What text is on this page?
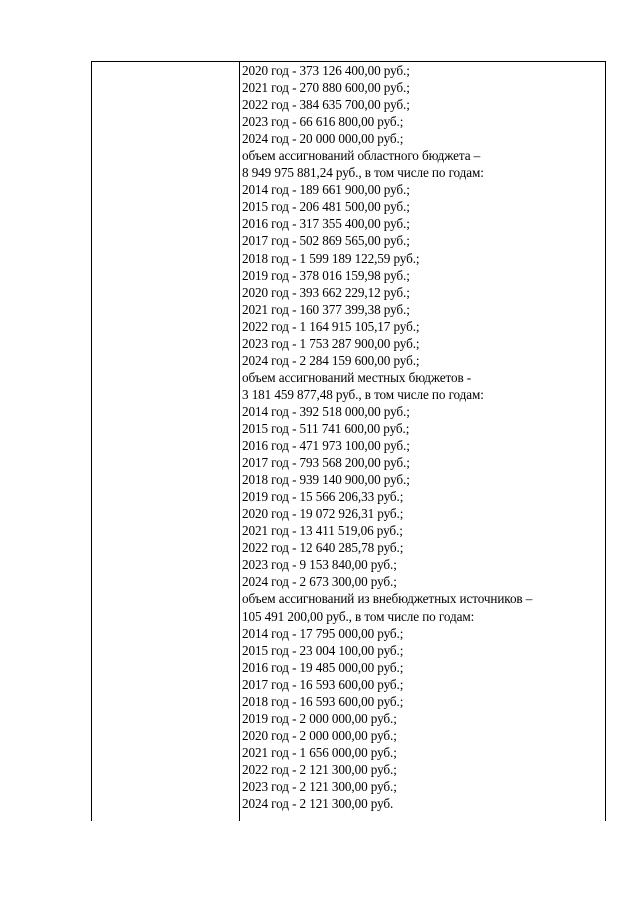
2020 год - 373 126 400,00 руб.;
2021 год - 270 880 600,00 руб.;
2022 год - 384 635 700,00 руб.;
2023 год - 66 616 800,00 руб.;
2024 год - 20 000 000,00 руб.;
объем ассигнований областного бюджета –
8 949 975 881,24 руб., в том числе по годам:
2014 год - 189 661 900,00 руб.;
2015 год - 206 481 500,00 руб.;
2016 год - 317 355 400,00 руб.;
2017 год - 502 869 565,00 руб.;
2018 год - 1 599 189 122,59 руб.;
2019 год - 378 016 159,98 руб.;
2020 год - 393 662 229,12 руб.;
2021 год - 160 377 399,38 руб.;
2022 год - 1 164 915 105,17 руб.;
2023 год - 1 753 287 900,00 руб.;
2024 год - 2 284 159 600,00 руб.;
объем ассигнований местных бюджетов -
3 181 459 877,48 руб., в том числе по годам:
2014 год - 392 518 000,00 руб.;
2015 год - 511 741 600,00 руб.;
2016 год - 471 973 100,00 руб.;
2017 год - 793 568 200,00 руб.;
2018 год - 939 140 900,00 руб.;
2019 год - 15 566 206,33 руб.;
2020 год - 19 072 926,31 руб.;
2021 год - 13 411 519,06 руб.;
2022 год - 12 640 285,78 руб.;
2023 год - 9 153 840,00 руб.;
2024 год - 2 673 300,00 руб.;
объем ассигнований из внебюджетных источников –
105 491 200,00 руб., в том числе по годам:
2014 год - 17 795 000,00 руб.;
2015 год - 23 004 100,00 руб.;
2016 год - 19 485 000,00 руб.;
2017 год - 16 593 600,00 руб.;
2018 год - 16 593 600,00 руб.;
2019 год - 2 000 000,00 руб.;
2020 год - 2 000 000,00 руб.;
2021 год - 1 656 000,00 руб.;
2022 год - 2 121 300,00 руб.;
2023 год - 2 121 300,00 руб.;
2024 год - 2 121 300,00 руб.
